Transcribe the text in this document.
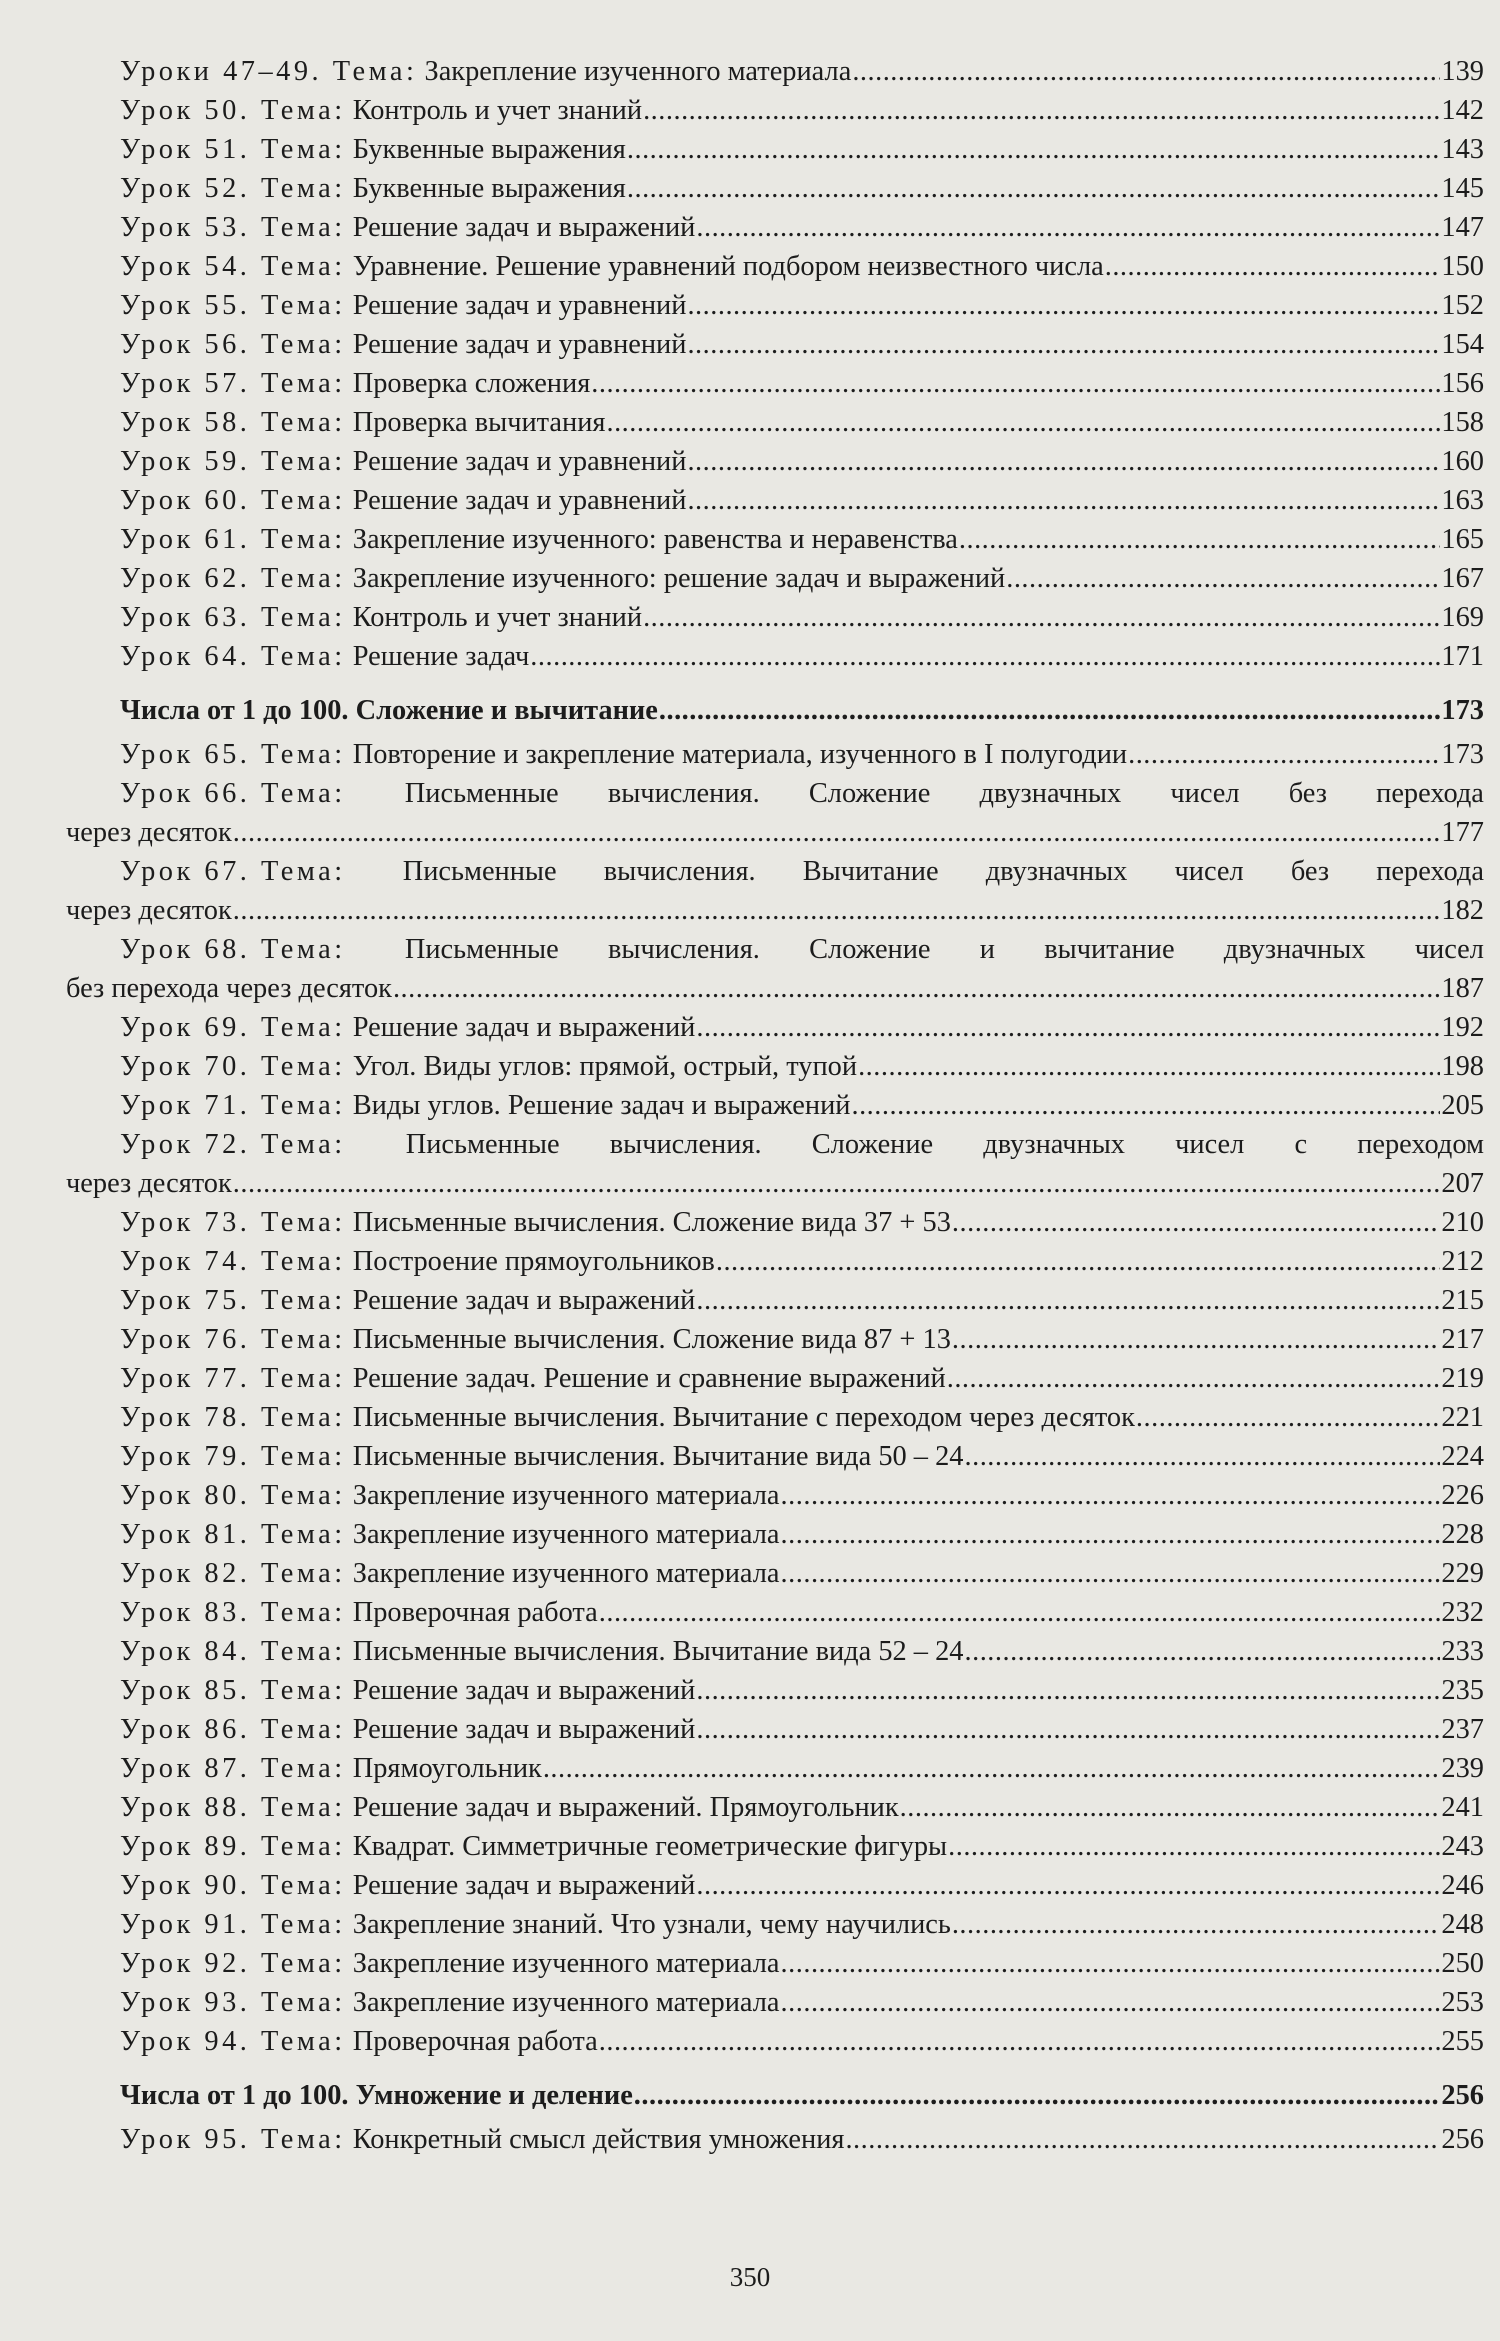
Уроки 47–49. Тема:
Закрепление изученного материала .....	139
Урок 50. Тема:
Контроль и учет знаний .....	142
Урок 51. Тема:
Буквенные выражения .....	143
Урок 52. Тема:
Буквенные выражения .....	145
Урок 53. Тема:
Решение задач и выражений .....	147
Урок 54. Тема:
Уравнение. Решение уравнений подбором неизвестного числа .....	150
Урок 55. Тема:
Решение задач и уравнений .....	152
Урок 56. Тема:
Решение задач и уравнений .....	154
Урок 57. Тема:
Проверка сложения .....	156
Урок 58. Тема:
Проверка вычитания .....	158
Урок 59. Тема:
Решение задач и уравнений .....	160
Урок 60. Тема:
Решение задач и уравнений .....	163
Урок 61. Тема:
Закрепление изученного: равенства и неравенства .....	165
Урок 62. Тема:
Закрепление изученного: решение задач и выражений .....	167
Урок 63. Тема:
Контроль и учет знаний .....	169
Урок 64. Тема:
Решение задач .....	171
Числа от 1 до 100. Сложение и вычитание .....	173
Урок 65. Тема:
Повторение и закрепление материала, изученного в I полугодии .....	173
Урок 66. Тема: Письменные вычисления. Сложение двузначных чисел без перехода
через десяток .....	177
Урок 67. Тема: Письменные вычисления. Вычитание двузначных чисел без перехода
через десяток .....	182
Урок 68. Тема: Письменные вычисления. Сложение и вычитание двузначных чисел
без перехода через десяток .....	187
Урок 69. Тема:
Решение задач и выражений .....	192
Урок 70. Тема:
Угол. Виды углов: прямой, острый, тупой .....	198
Урок 71. Тема:
Виды углов. Решение задач и выражений .....	205
Урок 72. Тема: Письменные вычисления. Сложение двузначных чисел с переходом
через десяток .....	207
Урок 73. Тема:
Письменные вычисления. Сложение вида 37 + 53 .....	210
Урок 74. Тема:
Построение прямоугольников .....	212
Урок 75. Тема:
Решение задач и выражений .....	215
Урок 76. Тема:
Письменные вычисления. Сложение вида 87 + 13 .....	217
Урок 77. Тема:
Решение задач. Решение и сравнение выражений .....	219
Урок 78. Тема:
Письменные вычисления. Вычитание с переходом через десяток .....	221
Урок 79. Тема:
Письменные вычисления. Вычитание вида 50 – 24 .....	224
Урок 80. Тема:
Закрепление изученного материала .....	226
Урок 81. Тема:
Закрепление изученного материала .....	228
Урок 82. Тема:
Закрепление изученного материала .....	229
Урок 83. Тема:
Проверочная работа .....	232
Урок 84. Тема:
Письменные вычисления. Вычитание вида 52 – 24 .....	233
Урок 85. Тема:
Решение задач и выражений .....	235
Урок 86. Тема:
Решение задач и выражений .....	237
Урок 87. Тема:
Прямоугольник .....	239
Урок 88. Тема:
Решение задач и выражений. Прямоугольник .....	241
Урок 89. Тема:
Квадрат. Симметричные геометрические фигуры .....	243
Урок 90. Тема:
Решение задач и выражений .....	246
Урок 91. Тема:
Закрепление знаний. Что узнали, чему научились .....	248
Урок 92. Тема:
Закрепление изученного материала .....	250
Урок 93. Тема:
Закрепление изученного материала .....	253
Урок 94. Тема:
Проверочная работа .....	255
Числа от 1 до 100. Умножение и деление .....	256
Урок 95. Тема:
Конкретный смысл действия умножения .....	256
350
